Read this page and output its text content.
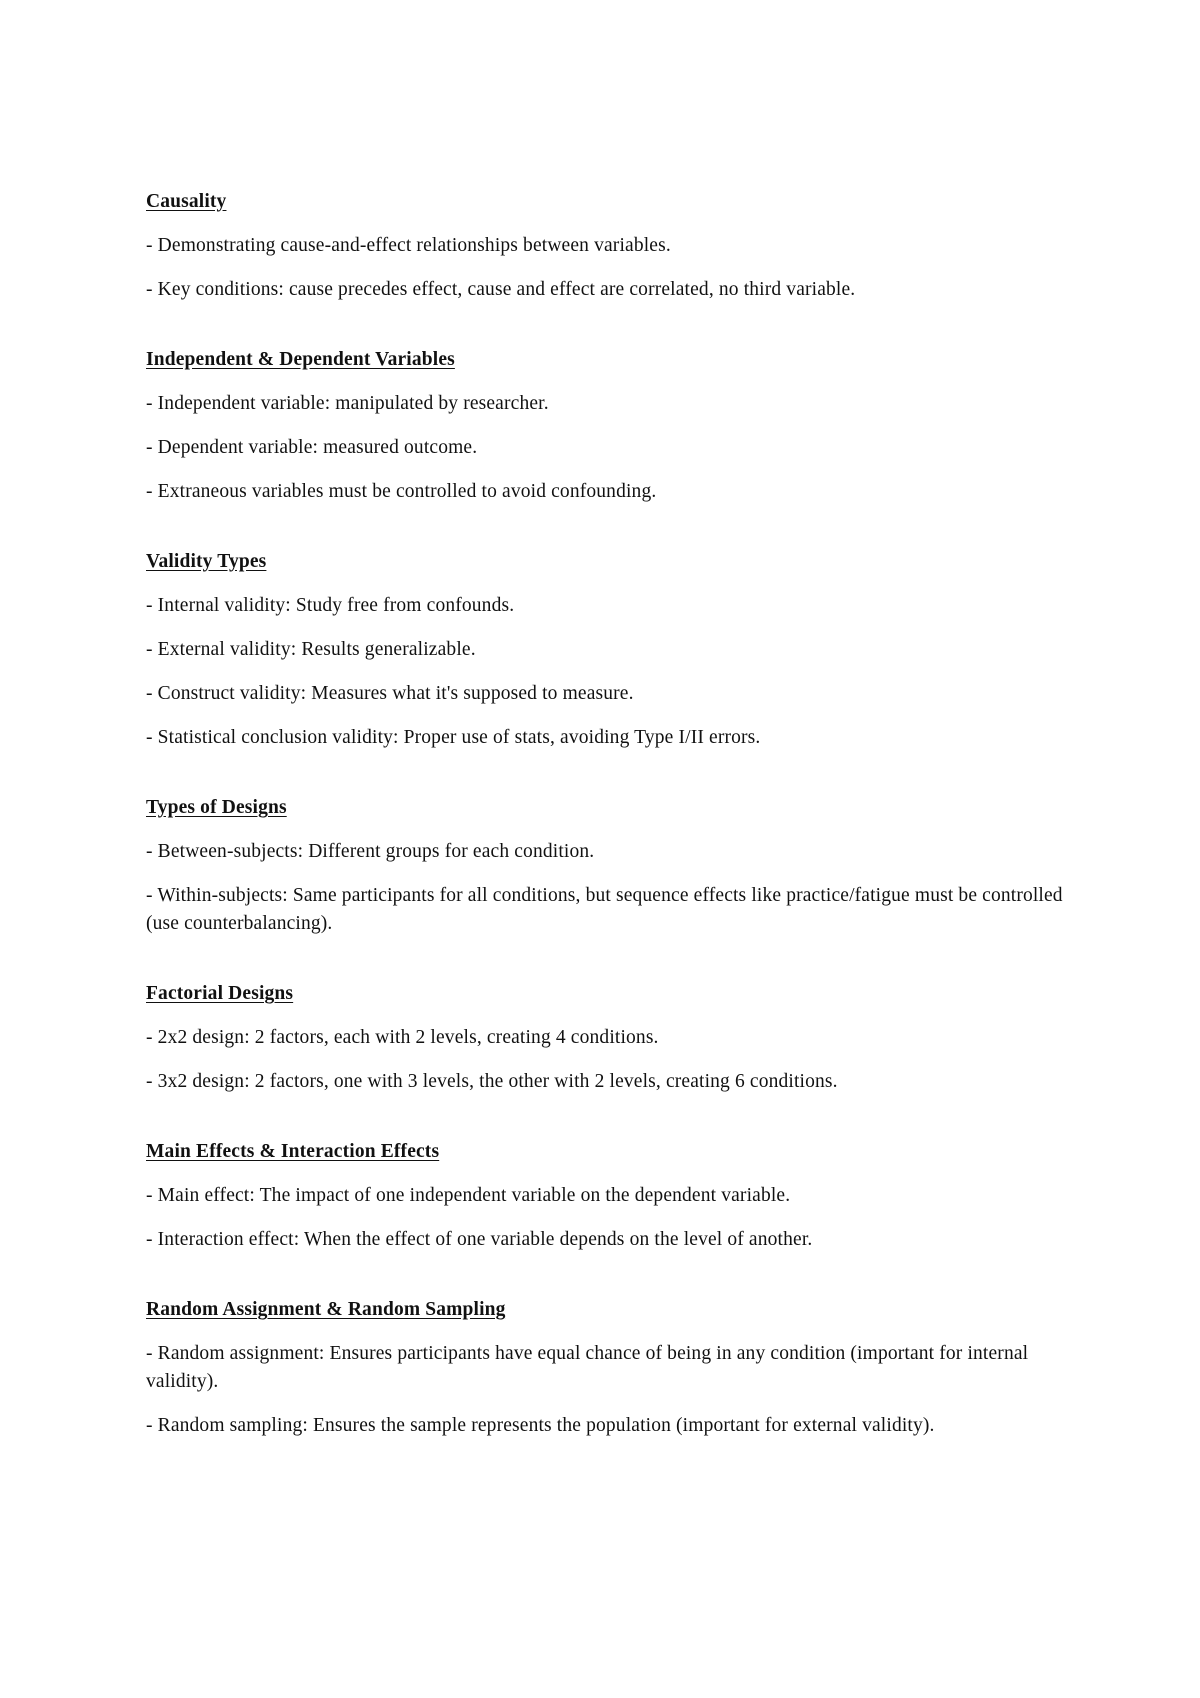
Causality
- Demonstrating cause-and-effect relationships between variables.
- Key conditions: cause precedes effect, cause and effect are correlated, no third variable.
Independent & Dependent Variables
- Independent variable: manipulated by researcher.
- Dependent variable: measured outcome.
- Extraneous variables must be controlled to avoid confounding.
Validity Types
- Internal validity: Study free from confounds.
- External validity: Results generalizable.
- Construct validity: Measures what it's supposed to measure.
- Statistical conclusion validity: Proper use of stats, avoiding Type I/II errors.
Types of Designs
- Between-subjects: Different groups for each condition.
- Within-subjects: Same participants for all conditions, but sequence effects like practice/fatigue must be controlled (use counterbalancing).
Factorial Designs
- 2x2 design: 2 factors, each with 2 levels, creating 4 conditions.
- 3x2 design: 2 factors, one with 3 levels, the other with 2 levels, creating 6 conditions.
Main Effects & Interaction Effects
- Main effect: The impact of one independent variable on the dependent variable.
- Interaction effect: When the effect of one variable depends on the level of another.
Random Assignment & Random Sampling
- Random assignment: Ensures participants have equal chance of being in any condition (important for internal validity).
- Random sampling: Ensures the sample represents the population (important for external validity).
